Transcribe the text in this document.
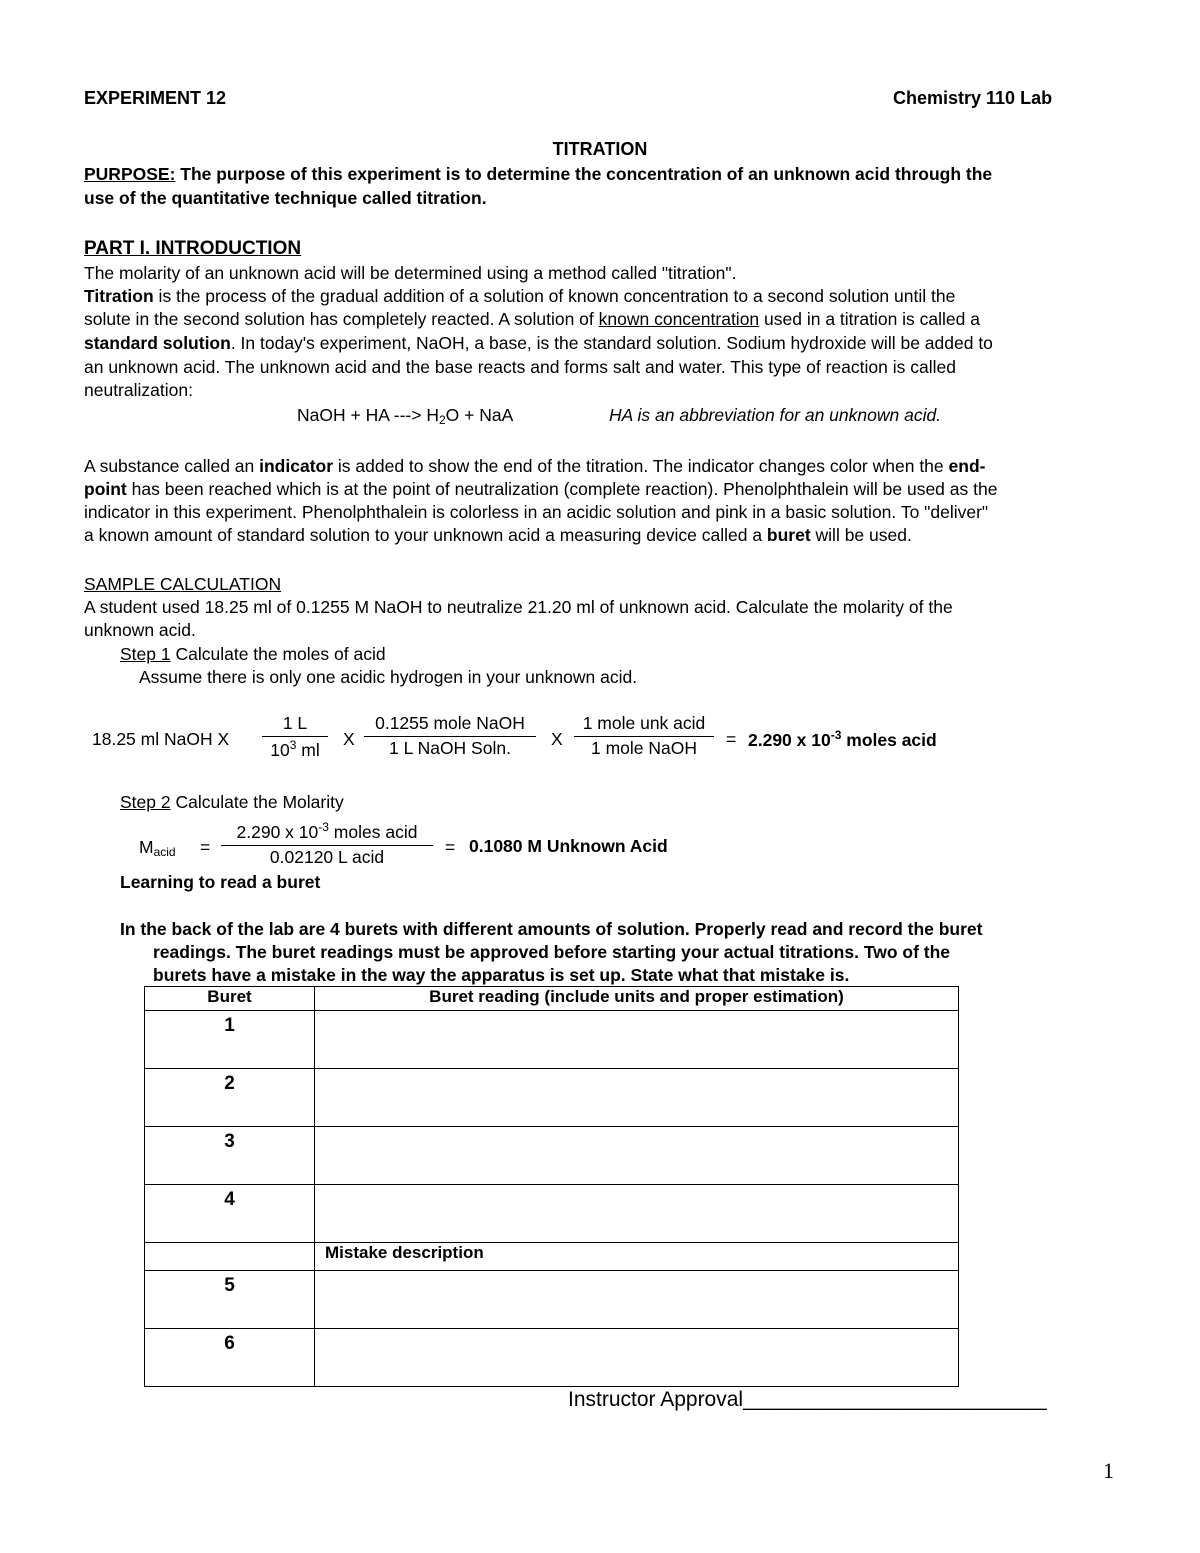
EXPERIMENT 12	Chemistry 110 Lab
TITRATION
PURPOSE: The purpose of this experiment is to determine the concentration of an unknown acid through the
use of the quantitative technique called titration.
PART I. INTRODUCTION
The molarity of an unknown acid will be determined using a method called "titration".
Titration is the process of the gradual addition of a solution of known concentration to a second solution until the
solute in the second solution has completely reacted. A solution of known concentration used in a titration is called a
standard solution. In today's experiment, NaOH, a base, is the standard solution. Sodium hydroxide will be added to
an unknown acid. The unknown acid and the base reacts and forms salt and water. This type of reaction is called
neutralization:
NaOH + HA ---> $H_2O$ + NaA	HA is an abbreviation for an unknown acid.
A substance called an indicator is added to show the end of the titration. The indicator changes color when the end-
point has been reached which is at the point of neutralization (complete reaction). Phenolphthalein will be used as the
indicator in this experiment. Phenolphthalein is colorless in an acidic solution and pink in a basic solution. To "deliver"
a known amount of standard solution to your unknown acid a measuring device called a buret will be used.
SAMPLE CALCULATION
A student used 18.25 ml of 0.1255 M NaOH to neutralize 21.20 ml of unknown acid. Calculate the molarity of the
unknown acid.
Step 1 Calculate the moles of acid
Assume there is only one acidic hydrogen in your unknown acid.
18.25 ml NaOH X $\frac{1 L}{10^3 ml}$ X
0.1255 mole NaOH
1 L NaOH Soln.	X
1 mole unk acid
1 mole NaOH	= 2.290 x $10^{-3}$ moles acid
Step 2 Calculate the Molarity
$M_{acid}$ =
2.290 x $10^{-3}$ moles acid
0.02120 L acid	= 0.1080 M Unknown Acid
Learning to read a buret
In the back of the lab are 4 burets with different amounts of solution. Properly read and record the buret
readings. The buret readings must be approved before starting your actual titrations. Two of the
burets have a mistake in the way the apparatus is set up. State what that mistake is.
Buret	Buret reading (include units and proper estimation)
1	
2	
3	
4	
	Mistake description
5	
6	
Instructor Approval__________________________
1
